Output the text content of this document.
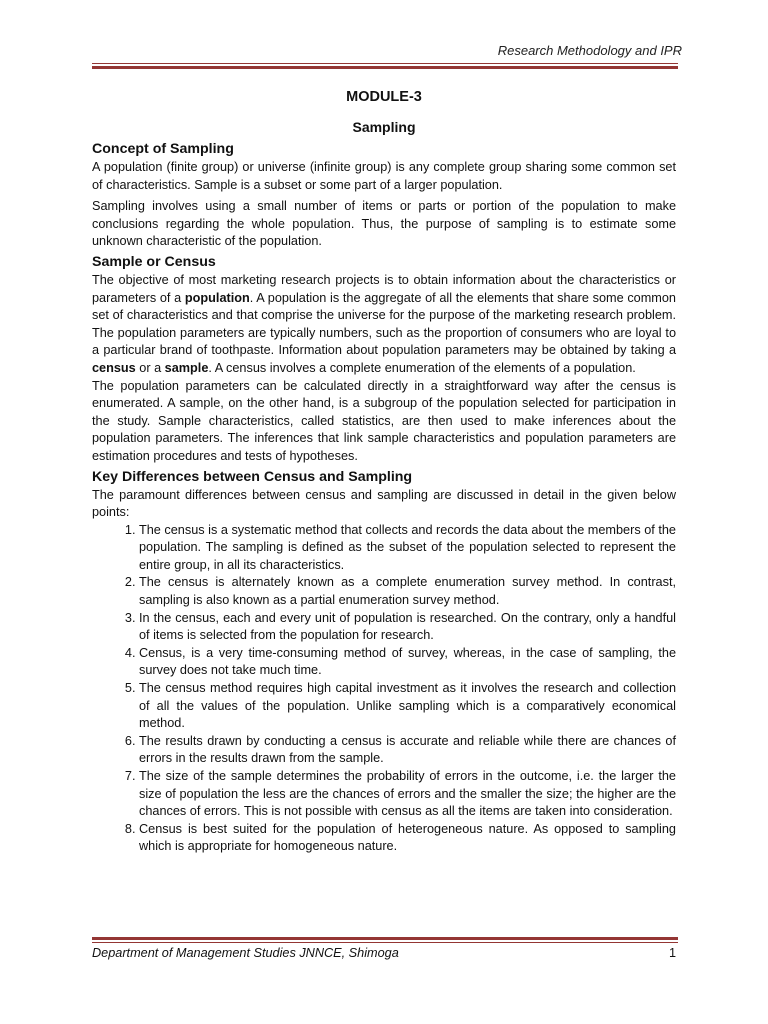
Research Methodology and IPR
MODULE-3
Sampling
Concept of Sampling

A population (finite group) or universe (infinite group) is any complete group sharing some common set of characteristics. Sample is a subset or some part of a larger population.

Sampling involves using a small number of items or parts or portion of the population to make conclusions regarding the whole population. Thus, the purpose of sampling is to estimate some unknown characteristic of the population.

Sample or Census

The objective of most marketing research projects is to obtain information about the characteristics or parameters of a population. A population is the aggregate of all the elements that share some common set of characteristics and that comprise the universe for the purpose of the marketing research problem. The population parameters are typically numbers, such as the proportion of consumers who are loyal to a particular brand of toothpaste. Information about population parameters may be obtained by taking a census or a sample. A census involves a complete enumeration of the elements of a population.

The population parameters can be calculated directly in a straightforward way after the census is enumerated. A sample, on the other hand, is a subgroup of the population selected for participation in the study. Sample characteristics, called statistics, are then used to make inferences about the population parameters. The inferences that link sample characteristics and population parameters are estimation procedures and tests of hypotheses.

Key Differences between Census and Sampling

The paramount differences between census and sampling are discussed in detail in the given below points:

1. The census is a systematic method that collects and records the data about the members of the population. The sampling is defined as the subset of the population selected to represent the entire group, in all its characteristics.
2. The census is alternately known as a complete enumeration survey method. In contrast, sampling is also known as a partial enumeration survey method.
3. In the census, each and every unit of population is researched. On the contrary, only a handful of items is selected from the population for research.
4. Census, is a very time-consuming method of survey, whereas, in the case of sampling, the survey does not take much time.
5. The census method requires high capital investment as it involves the research and collection of all the values of the population. Unlike sampling which is a comparatively economical method.
6. The results drawn by conducting a census is accurate and reliable while there are chances of errors in the results drawn from the sample.
7. The size of the sample determines the probability of errors in the outcome, i.e. the larger the size of population the less are the chances of errors and the smaller the size; the higher are the chances of errors. This is not possible with census as all the items are taken into consideration.
8. Census is best suited for the population of heterogeneous nature. As opposed to sampling which is appropriate for homogeneous nature.
Department of Management Studies JNNCE, Shimoga	1
